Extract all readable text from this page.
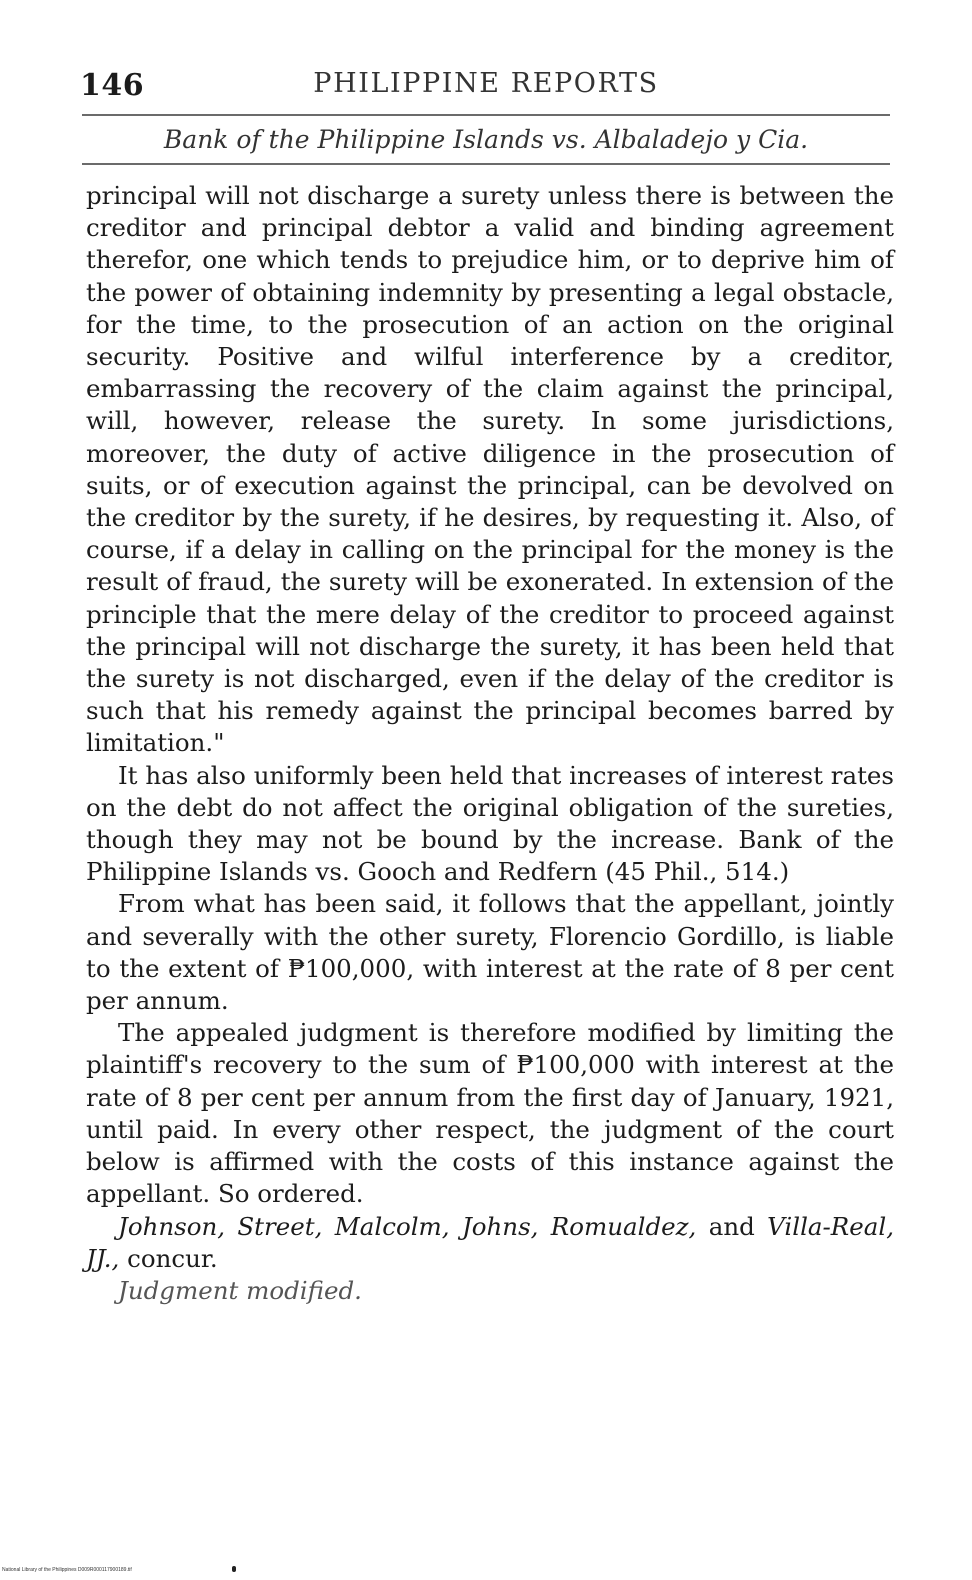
146	PHILIPPINE REPORTS
Bank of the Philippine Islands vs. Albaladejo y Cia.

principal will not discharge a surety unless there is between the creditor and principal debtor a valid and binding agreement therefor, one which tends to prejudice him, or to deprive him of the power of obtaining indemnity by presenting a legal obstacle, for the time, to the prosecution of an action on the original security. Positive and wilful interference by a creditor, embarrassing the recovery of the claim against the principal, will, however, release the surety. In some jurisdictions, moreover, the duty of active diligence in the prosecution of suits, or of execution against the principal, can be devolved on the creditor by the surety, if he desires, by requesting it. Also, of course, if a delay in calling on the principal for the money is the result of fraud, the surety will be exonerated. In extension of the principle that the mere delay of the creditor to proceed against the principal will not discharge the surety, it has been held that the surety is not discharged, even if the delay of the creditor is such that his remedy against the principal becomes barred by limitation."

It has also uniformly been held that increases of interest rates on the debt do not affect the original obligation of the sureties, though they may not be bound by the increase. Bank of the Philippine Islands vs. Gooch and Redfern (45 Phil., 514.)

From what has been said, it follows that the appellant, jointly and severally with the other surety, Florencio Gordillo, is liable to the extent of ₱100,000, with interest at the rate of 8 per cent per annum.

The appealed judgment is therefore modified by limiting the plaintiff's recovery to the sum of ₱100,000 with interest at the rate of 8 per cent per annum from the first day of January, 1921, until paid. In every other respect, the judgment of the court below is affirmed with the costs of this instance against the appellant. So ordered.

Johnson, Street, Malcolm, Johns, Romualdez, and Villa-Real, JJ., concur.

Judgment modified.

National Library of the Philippines D009R000117900189.tif
